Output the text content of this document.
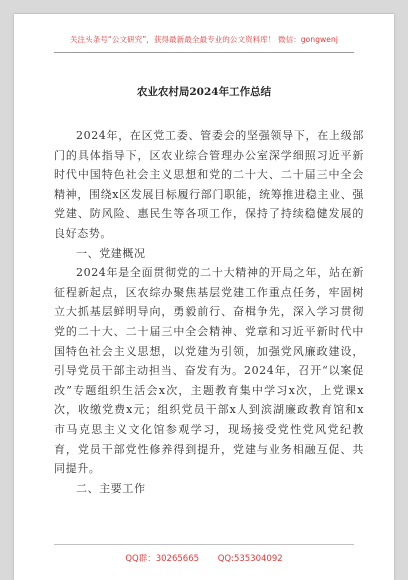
关注头条号“公文研究”，获得最新最全最专业的公文资料库！ 微信：gongwenj
农业农村局2024年工作总结

2024年，在区党工委、管委会的坚强领导下，在上级部门的具体指导下，区农业综合管理办公室深学细照习近平新时代中国特色社会主义思想和党的二十大、二十届三中全会精神，围绕x区发展目标履行部门职能，统筹推进稳主业、强党建、防风险、惠民生等各项工作，保持了持续稳健发展的良好态势。

一、党建概况

2024年是全面贯彻党的二十大精神的开局之年，站在新征程新起点，区农综办聚焦基层党建工作重点任务，牢固树立大抓基层鲜明导向，勇毅前行、奋楫争先，深入学习贯彻党的二十大、二十届三中全会精神、党章和习近平新时代中国特色社会主义思想，以党建为引领，加强党风廉政建设，引导党员干部主动担当、奋发有为。2024年，召开“以案促改”专题组织生活会x次，主题教育集中学习x次，上党课x次，收缴党费x元；组织党员干部x人到滨湖廉政教育馆和x市马克思主义文化馆参观学习，现场接受党性党风党纪教育，党员干部党性修养得到提升，党建与业务相融互促、共同提升。

二、主要工作

QQ群：30265665 QQ:535304092
